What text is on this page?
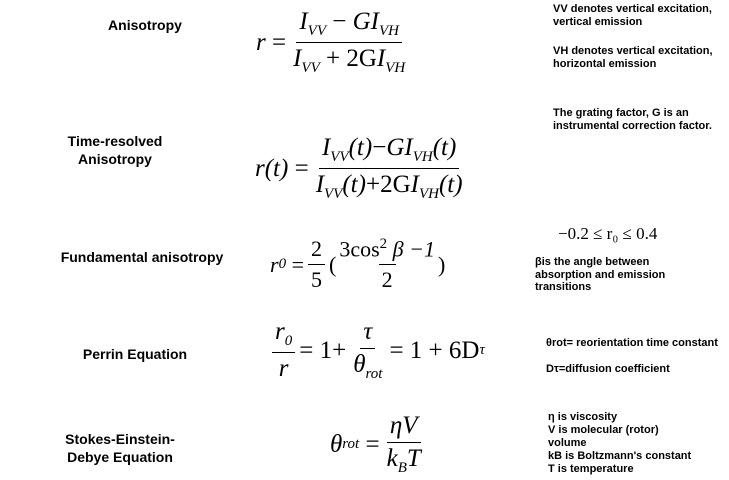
Anisotropy
Time-resolved Anisotropy
Fundamental anisotropy
Perrin Equation
Stokes-Einstein-Debye Equation
r
= $\frac{I_{VV} - GI_{VH}}{I_{VV} + 2GI_{VH}}$
r(t)
= $\frac{I_{VV}(t)-GI_{VH}(t)}{I_{VV}(t)+2GI_{VH}(t)}$
r 0
= $\frac{2}{5}$ ( $\frac{3\cos^2 \beta -1}{2}$ )
−0.2 ≤ r₀ ≤ 0.4
$\frac{r_0}{r}$ =
$1+ \frac{\tau}{\theta_{rot}}$ =
1 + 6D τ
θ rot
= $\frac{\eta V}{k_BT}$
VV denotes vertical excitation, vertical emission
VH denotes vertical excitation, horizontal emission
The grating factor, G is an instrumental correction factor.
βis the angle between absorption and emission transitions
θrot= reorientation time constant
Dτ=diffusion coefficient
η is viscosity
V is molecular (rotor) volume
kB is Boltzmann's constant
T is temperature
